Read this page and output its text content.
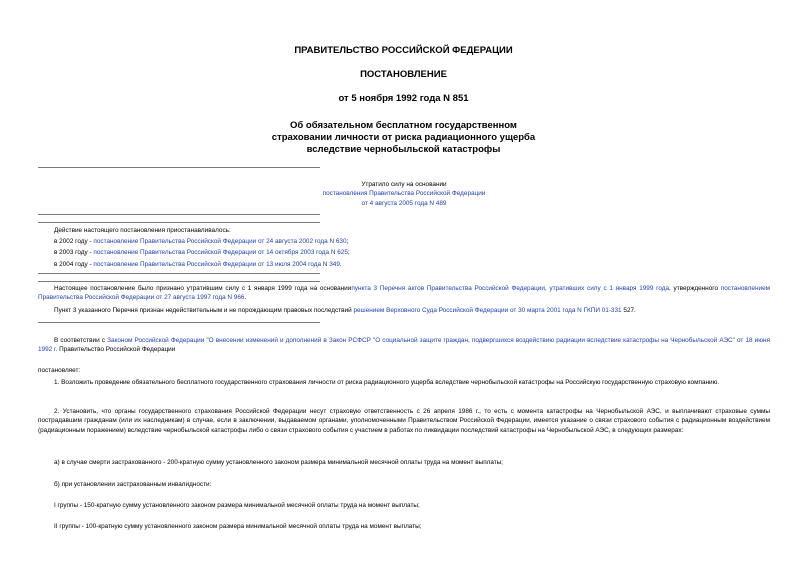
ПРАВИТЕЛЬСТВО РОССИЙСКОЙ ФЕДЕРАЦИИ
ПОСТАНОВЛЕНИЕ
от 5 ноября 1992 года N 851
Об обязательном бесплатном государственном
страховании личности от риска радиационного ущерба
вследствие чернобыльской катастрофы
Утратило силу на основании
постановления Правительства Российской Федерации
от 4 августа 2005 года N 489
Действие настоящего постановления приостанавливалось:
в 2002 году - постановление Правительства Российской Федерации от 24 августа 2002 года N 630;
в 2003 году - постановление Правительства Российской Федерации от 14 октября 2003 года N 625;
в 2004 году - постановление Правительства Российской Федерации от 13 июля 2004 года N 349.
Настоящее постановление было признано утратившим силу с 1 января 1999 года на основаниипункта 3 Перечня актов Правительства Российской Федерации, утративших силу с 1 января 1999 года, утвержденного постановлением Правительства Российской Федерации от 27 августа 1997 года N 966.
Пункт 3 указанного Перечня признан недействительным и не порождающим правовых последствий решением Верховного Суда Российской Федерации от 30 марта 2001 года N ГКПИ 01-331 527.
В соответствии с Законом Российской Федерации "О внесении изменений и дополнений в Закон РСФСР "О социальной защите граждан, подвергшихся воздействию радиации вследствие катастрофы на Чернобыльской АЭС" от 18 июня 1992 г. Правительство Российской Федерации
постановляет:
1. Возложить проведение обязательного бесплатного государственного страхования личности от риска радиационного ущерба вследствие чернобыльской катастрофы на Российскую государственную страховую компанию.
2. Установить, что органы государственного страхования Российской Федерации несут страховую ответственность с 26 апреля 1986 г., то есть с момента катастрофы на Чернобыльской АЭС, и выплачивают страховые суммы пострадавшим гражданам (или их наследникам) в случае, если в заключении, выдаваемом органами, уполномоченными Правительством Российской Федерации, имеется указание о связи страхового события с радиационным воздействием (радиационным поражением) вследствие чернобыльской катастрофы либо о связи страхового события с участием в работах по ликвидации последствий катастрофы на Чернобыльской АЭС, в следующих размерах:
а) в случае смерти застрахованного - 200-кратную сумму установленного законом размера минимальной месячной оплаты труда на момент выплаты;
б) при установлении застрахованным инвалидности:
I группы - 150-кратную сумму установленного законом размера минимальной месячной оплаты труда на момент выплаты;
II группы - 100-кратную сумму установленного законом размера минимальной месячной оплаты труда на момент выплаты;
